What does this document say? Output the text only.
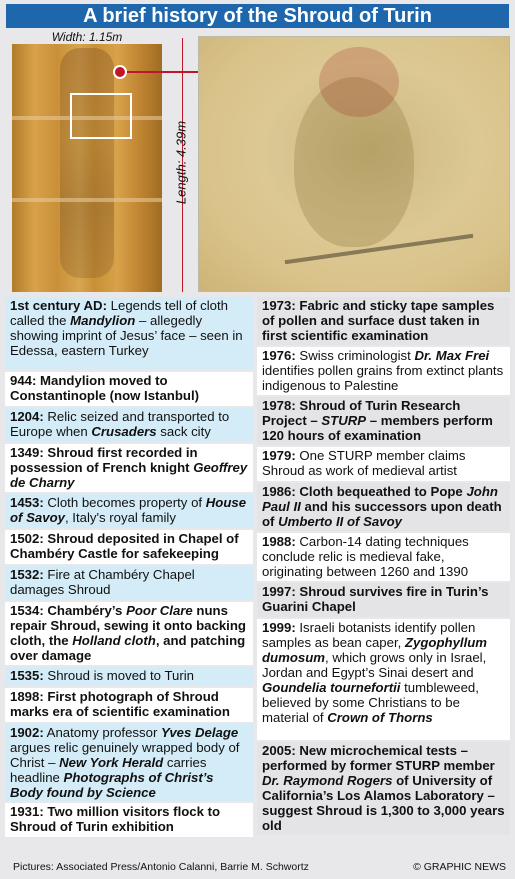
A brief history of the Shroud of Turin
Width: 1.15m
Length: 4.39m
1st century AD: Legends tell of cloth called the Mandylion – allegedly showing imprint of Jesus’ face – seen in Edessa, eastern Turkey
944: Mandylion moved to Constantinople (now Istanbul)
1204: Relic seized and transported to Europe when Crusaders sack city
1349: Shroud first recorded in possession of French knight Geoffrey de Charny
1453: Cloth becomes property of House of Savoy, Italy's royal family
1502: Shroud deposited in Chapel of Chambéry Castle for safekeeping
1532: Fire at Chambéry Chapel damages Shroud
1534: Chambéry’s Poor Clare nuns repair Shroud, sewing it onto backing cloth, the Holland cloth, and patching over damage
1535: Shroud is moved to Turin
1898: First photograph of Shroud marks era of scientific examination
1902: Anatomy professor Yves Delage argues relic genuinely wrapped body of Christ – New York Herald carries headline Photographs of Christ’s Body found by Science
1931: Two million visitors flock to Shroud of Turin exhibition
1973: Fabric and sticky tape samples of pollen and surface dust taken in first scientific examination
1976: Swiss criminologist Dr. Max Frei identifies pollen grains from extinct plants indigenous to Palestine
1978: Shroud of Turin Research Project – STURP – members perform 120 hours of examination
1979: One STURP member claims Shroud as work of medieval artist
1986: Cloth bequeathed to Pope John Paul II and his successors upon death of Umberto II of Savoy
1988: Carbon-14 dating techniques conclude relic is medieval fake, originating between 1260 and 1390
1997: Shroud survives fire in Turin’s Guarini Chapel
1999: Israeli botanists identify pollen samples as bean caper, Zygophyllum dumosum, which grows only in Israel, Jordan and Egypt’s Sinai desert and Goundelia tournefortii tumbleweed, believed by some Christians to be material of Crown of Thorns
2005: New microchemical tests – performed by former STURP member Dr. Raymond Rogers of University of California’s Los Alamos Laboratory – suggest Shroud is 1,300 to 3,000 years old
Pictures: Associated Press/Antonio Calanni, Barrie M. Schwortz	© GRAPHIC NEWS
